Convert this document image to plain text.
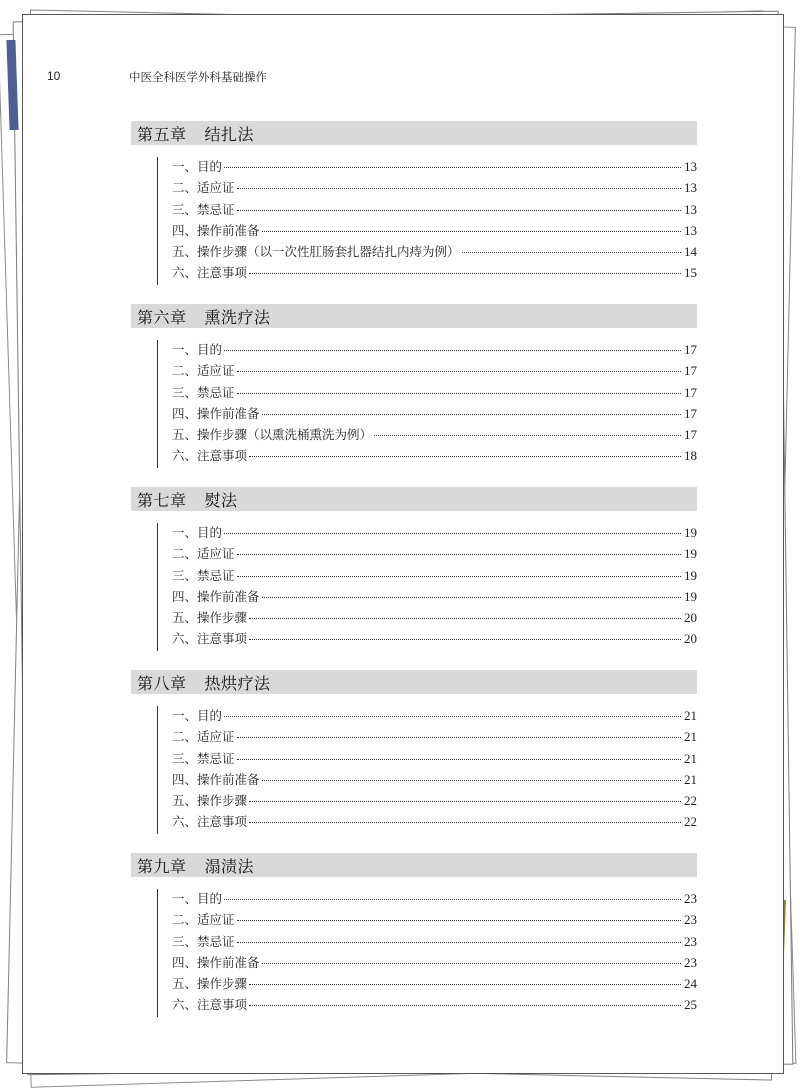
10	中医全科医学外科基础操作
第五章 结扎法
一、目的	13
二、适应证	13
三、禁忌证	13
四、操作前准备	13
五、操作步骤（以一次性肛肠套扎器结扎内痔为例）	14
六、注意事项	15
第六章 熏洗疗法
一、目的	17
二、适应证	17
三、禁忌证	17
四、操作前准备	17
五、操作步骤（以熏洗桶熏洗为例）	17
六、注意事项	18
第七章 熨法
一、目的	19
二、适应证	19
三、禁忌证	19
四、操作前准备	19
五、操作步骤	20
六、注意事项	20
第八章 热烘疗法
一、目的	21
二、适应证	21
三、禁忌证	21
四、操作前准备	21
五、操作步骤	22
六、注意事项	22
第九章 溻渍法
一、目的	23
二、适应证	23
三、禁忌证	23
四、操作前准备	23
五、操作步骤	24
六、注意事项	25
